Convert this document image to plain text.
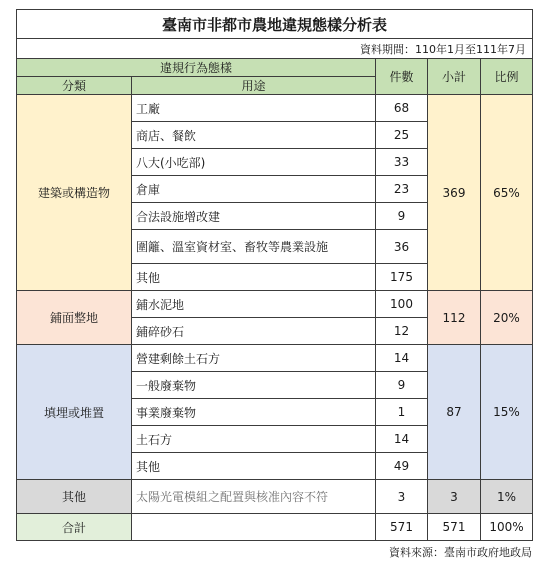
臺南市非都市農地違規態樣分析表				
資料期間：110年1月至111年7月				
違規行為態樣		件數	小計	比例
分類	用途			
建築或構造物	工廠	68	369	65%
	商店、餐飲	25		
	八大(小吃部)	33		
	倉庫	23		
	合法設施增改建	9		
	圍籬、溫室資材室、畜牧等農業設施	36		
	其他	175		
鋪面整地	鋪水泥地	100	112	20%
	鋪碎砂石	12		
填埋或堆置	營建剩餘土石方	14	87	15%
	一般廢棄物	9		
	事業廢棄物	1		
	土石方	14		
	其他	49		
其他	太陽光電模組之配置與核准內容不符	3	3	1%
合計		571	571	100%
資料來源：臺南市政府地政局
